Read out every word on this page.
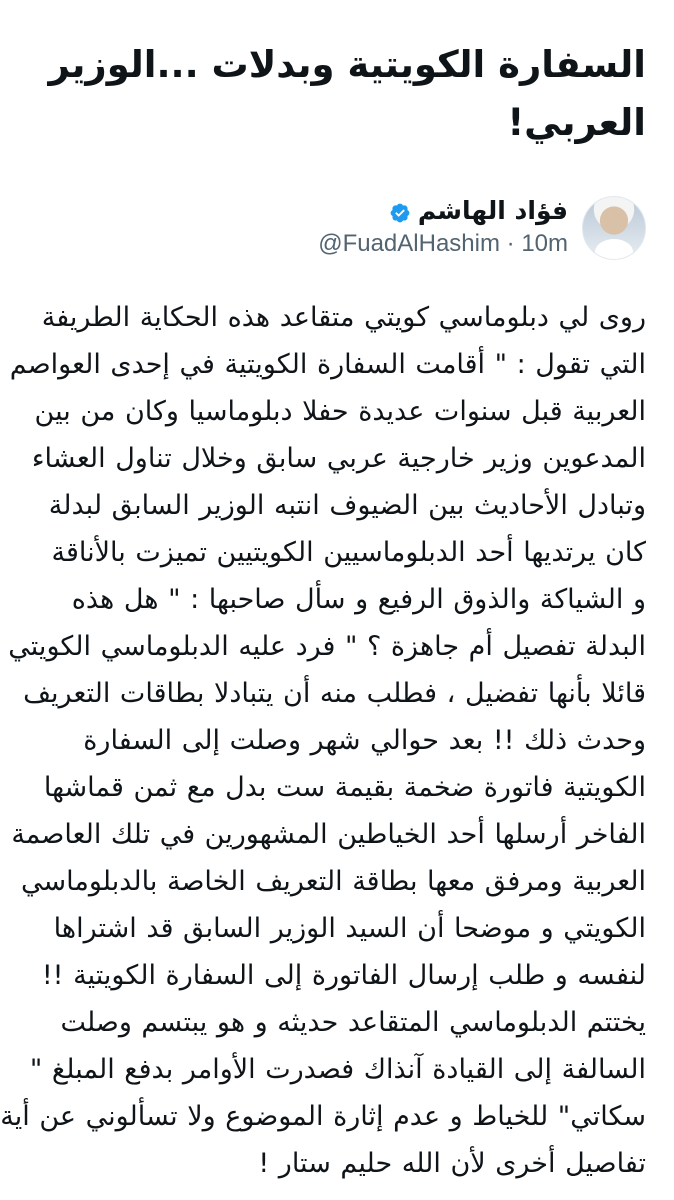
السفارة الكويتية وبدلات ...الوزير
العربي!
فؤاد الهاشم
@FuadAlHashim · 10m

روى لي دبلوماسي كويتي متقاعد هذه الحكاية الطريفة

التي تقول : " أقامت السفارة الكويتية في إحدى العواصم

العربية قبل سنوات عديدة حفلا دبلوماسيا وكان من بين

المدعوين وزير خارجية عربي سابق وخلال تناول العشاء

وتبادل الأحاديث بين الضيوف انتبه الوزير السابق لبدلة

كان يرتديها أحد الدبلوماسيين الكويتيين تميزت بالأناقة

و الشياكة والذوق الرفيع و سأل صاحبها : " هل هذه

البدلة تفصيل أم جاهزة ؟ " فرد عليه الدبلوماسي الكويتي

قائلا بأنها تفضيل ، فطلب منه أن يتبادلا بطاقات التعريف

وحدث ذلك !! بعد حوالي شهر وصلت إلى السفارة

الكويتية فاتورة ضخمة بقيمة ست بدل مع ثمن قماشها

الفاخر أرسلها أحد الخياطين المشهورين في تلك العاصمة

العربية ومرفق معها بطاقة التعريف الخاصة بالدبلوماسي

الكويتي و موضحا أن السيد الوزير السابق قد اشتراها

لنفسه و طلب إرسال الفاتورة إلى السفارة الكويتية !!

يختتم الدبلوماسي المتقاعد حديثه و هو يبتسم وصلت

السالفة إلى القيادة آنذاك فصدرت الأوامر بدفع المبلغ "

سكاتي" للخياط و عدم إثارة الموضوع ولا تسألوني عن أية

تفاصيل أخرى لأن الله حليم ستار !
